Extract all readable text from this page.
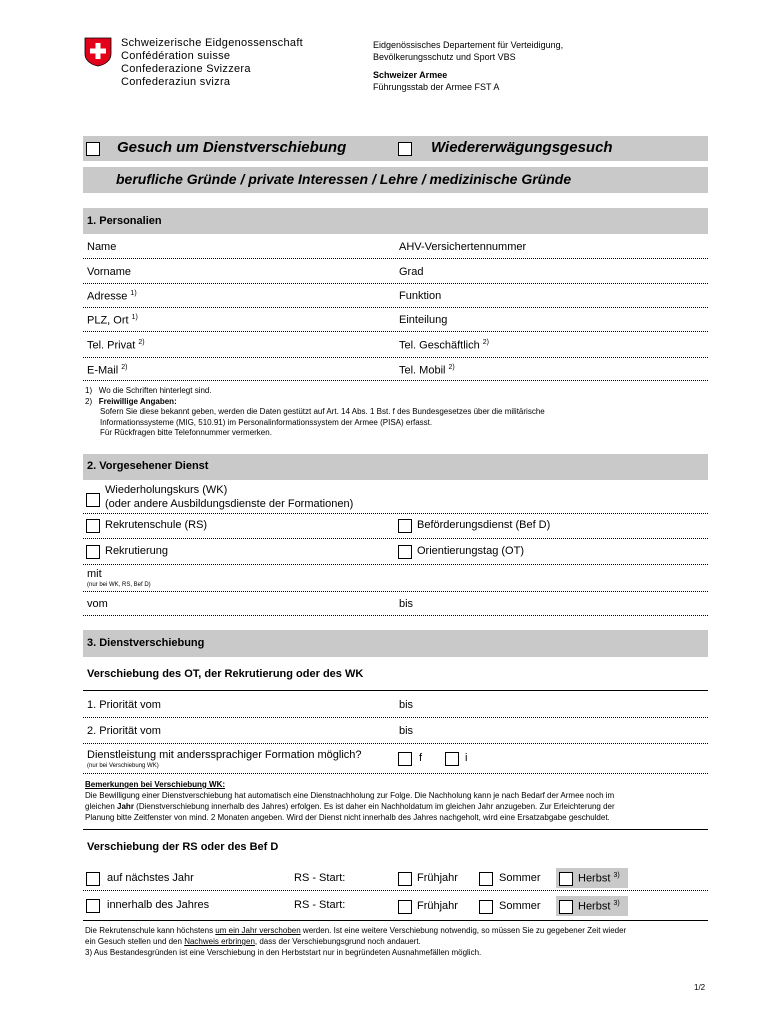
Schweizerische Eidgenossenschaft
Confédération suisse
Confederazione Svizzera
Confederaziun svizra
Eidgenössisches Departement für Verteidigung,
Bevölkerungsschutz und Sport VBS
Schweizer Armee
Führungsstab der Armee FST A
Gesuch um Dienstverschiebung	Wiedererwägungsgesuch
berufliche Gründe / private Interessen / Lehre / medizinische Gründe
1. Personalien
Name	AHV-Versichertennummer
Vorname	Grad
Adresse $^{1)}$	Funktion
PLZ, Ort $^{1)}$	Einteilung
Tel. Privat $^{2)}$	Tel. Geschäftlich $^{2)}$
E-Mail $^{2)}$	Tel. Mobil $^{2)}$
1) Wo die Schriften hinterlegt sind.
2) Freiwillige Angaben:
Sofern Sie diese bekannt geben, werden die Daten gestützt auf Art. 14 Abs. 1 Bst. f des Bundesgesetzes über die militärische
Informationssysteme (MIG, 510.91) im Personalinformationssystem der Armee (PISA) erfasst.
Für Rückfragen bitte Telefonnummer vermerken.
2. Vorgesehener Dienst
Wiederholungskurs (WK)
(oder andere Ausbildungsdienste der Formationen)
Rekrutenschule (RS)	Beförderungsdienst (Bef D)
Rekrutierung	Orientierungstag (OT)
mit
(nur bei WK, RS, Bef D)
vom	bis
3. Dienstverschiebung
Verschiebung des OT, der Rekrutierung oder des WK
1. Priorität vom	bis
2. Priorität vom	bis
Dienstleistung mit anderssprachiger Formation möglich?
(nur bei Verschiebung WK)
f	i
Bemerkungen bei Verschiebung WK:
Die Bewilligung einer Dienstverschiebung hat automatisch eine Dienstnachholung zur Folge. Die Nachholung kann je nach Bedarf der Armee noch im
gleichen Jahr (Dienstverschiebung innerhalb des Jahres) erfolgen. Es ist daher ein Nachholdatum im gleichen Jahr anzugeben. Zur Erleichterung der
Planung bitte Zeitfenster von mind. 2 Monaten angeben. Wird der Dienst nicht innerhalb des Jahres nachgeholt, wird eine Ersatzabgabe geschuldet.
Verschiebung der RS oder des Bef D
auf nächstes Jahr	RS - Start:	Frühjahr	Sommer	Herbst $^{3)}$
innerhalb des Jahres	RS - Start:	Frühjahr	Sommer	Herbst $^{3)}$
Die Rekrutenschule kann höchstens um ein Jahr verschoben werden. Ist eine weitere Verschiebung notwendig, so müssen Sie zu gegebener Zeit wieder
ein Gesuch stellen und den Nachweis erbringen, dass der Verschiebungsgrund noch andauert.
3) Aus Bestandesgründen ist eine Verschiebung in den Herbststart nur in begründeten Ausnahmefällen möglich.
1/2
